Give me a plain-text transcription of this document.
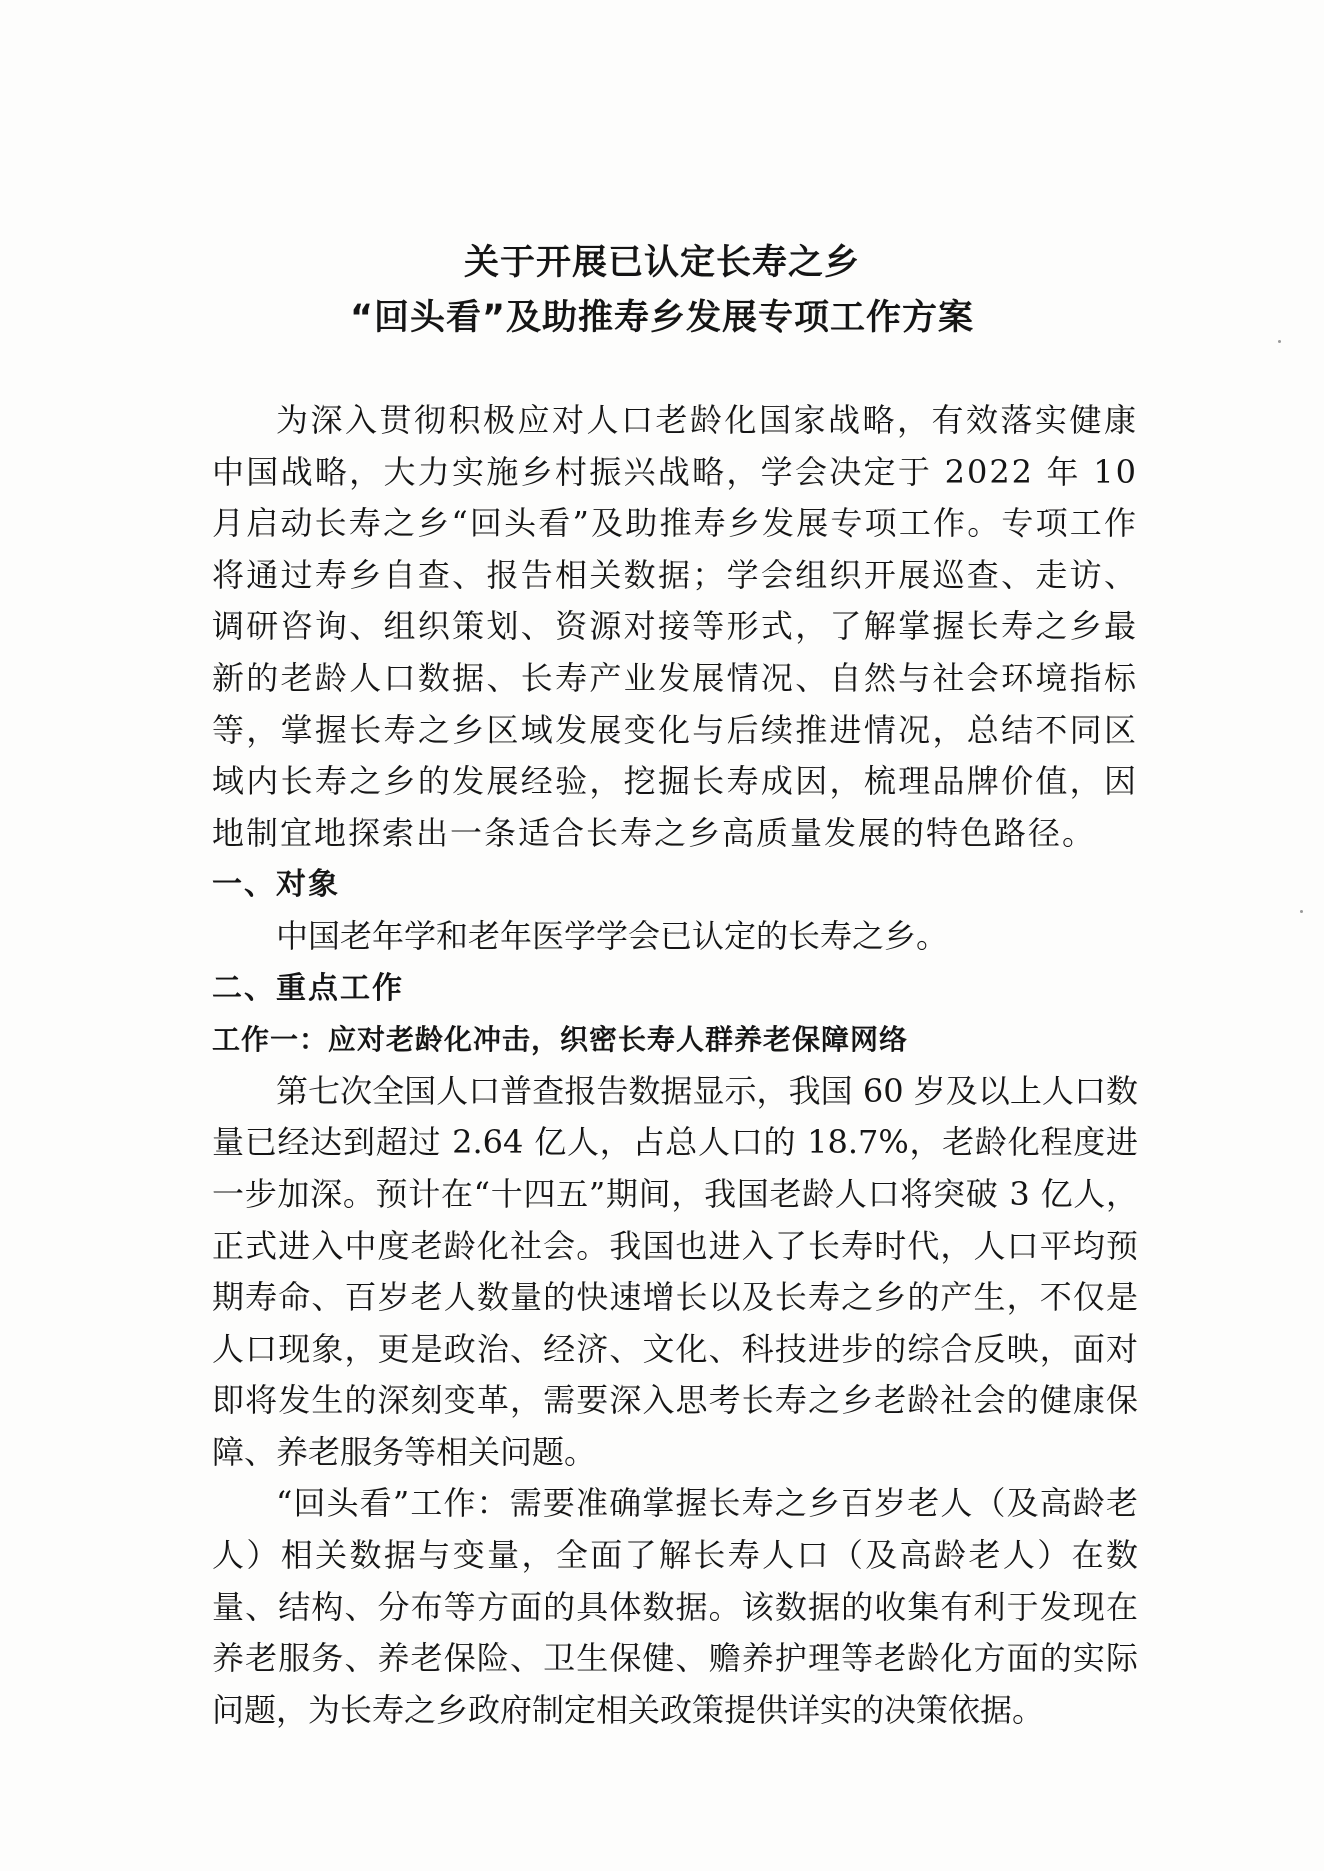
关于开展已认定长寿之乡
“回头看”及助推寿乡发展专项工作方案

为深入贯彻积极应对人口老龄化国家战略，有效落实健康中国战略，大力实施乡村振兴战略，学会决定于 2022 年 10 月启动长寿之乡“回头看”及助推寿乡发展专项工作。专项工作将通过寿乡自查、报告相关数据；学会组织开展巡查、走访、调研咨询、组织策划、资源对接等形式，了解掌握长寿之乡最新的老龄人口数据、长寿产业发展情况、自然与社会环境指标等，掌握长寿之乡区域发展变化与后续推进情况，总结不同区域内长寿之乡的发展经验，挖掘长寿成因，梳理品牌价值，因地制宜地探索出一条适合长寿之乡高质量发展的特色路径。

一、对象

中国老年学和老年医学学会已认定的长寿之乡。

二、重点工作
工作一：应对老龄化冲击，织密长寿人群养老保障网络

第七次全国人口普查报告数据显示，我国 60 岁及以上人口数量已经达到超过 2.64 亿人，占总人口的 18.7%，老龄化程度进一步加深。预计在“十四五”期间，我国老龄人口将突破 3 亿人，正式进入中度老龄化社会。我国也进入了长寿时代，人口平均预期寿命、百岁老人数量的快速增长以及长寿之乡的产生，不仅是人口现象，更是政治、经济、文化、科技进步的综合反映，面对即将发生的深刻变革，需要深入思考长寿之乡老龄社会的健康保障、养老服务等相关问题。

“回头看”工作：需要准确掌握长寿之乡百岁老人（及高龄老人）相关数据与变量，全面了解长寿人口（及高龄老人）在数量、结构、分布等方面的具体数据。该数据的收集有利于发现在养老服务、养老保险、卫生保健、赡养护理等老龄化方面的实际问题，为长寿之乡政府制定相关政策提供详实的决策依据。
